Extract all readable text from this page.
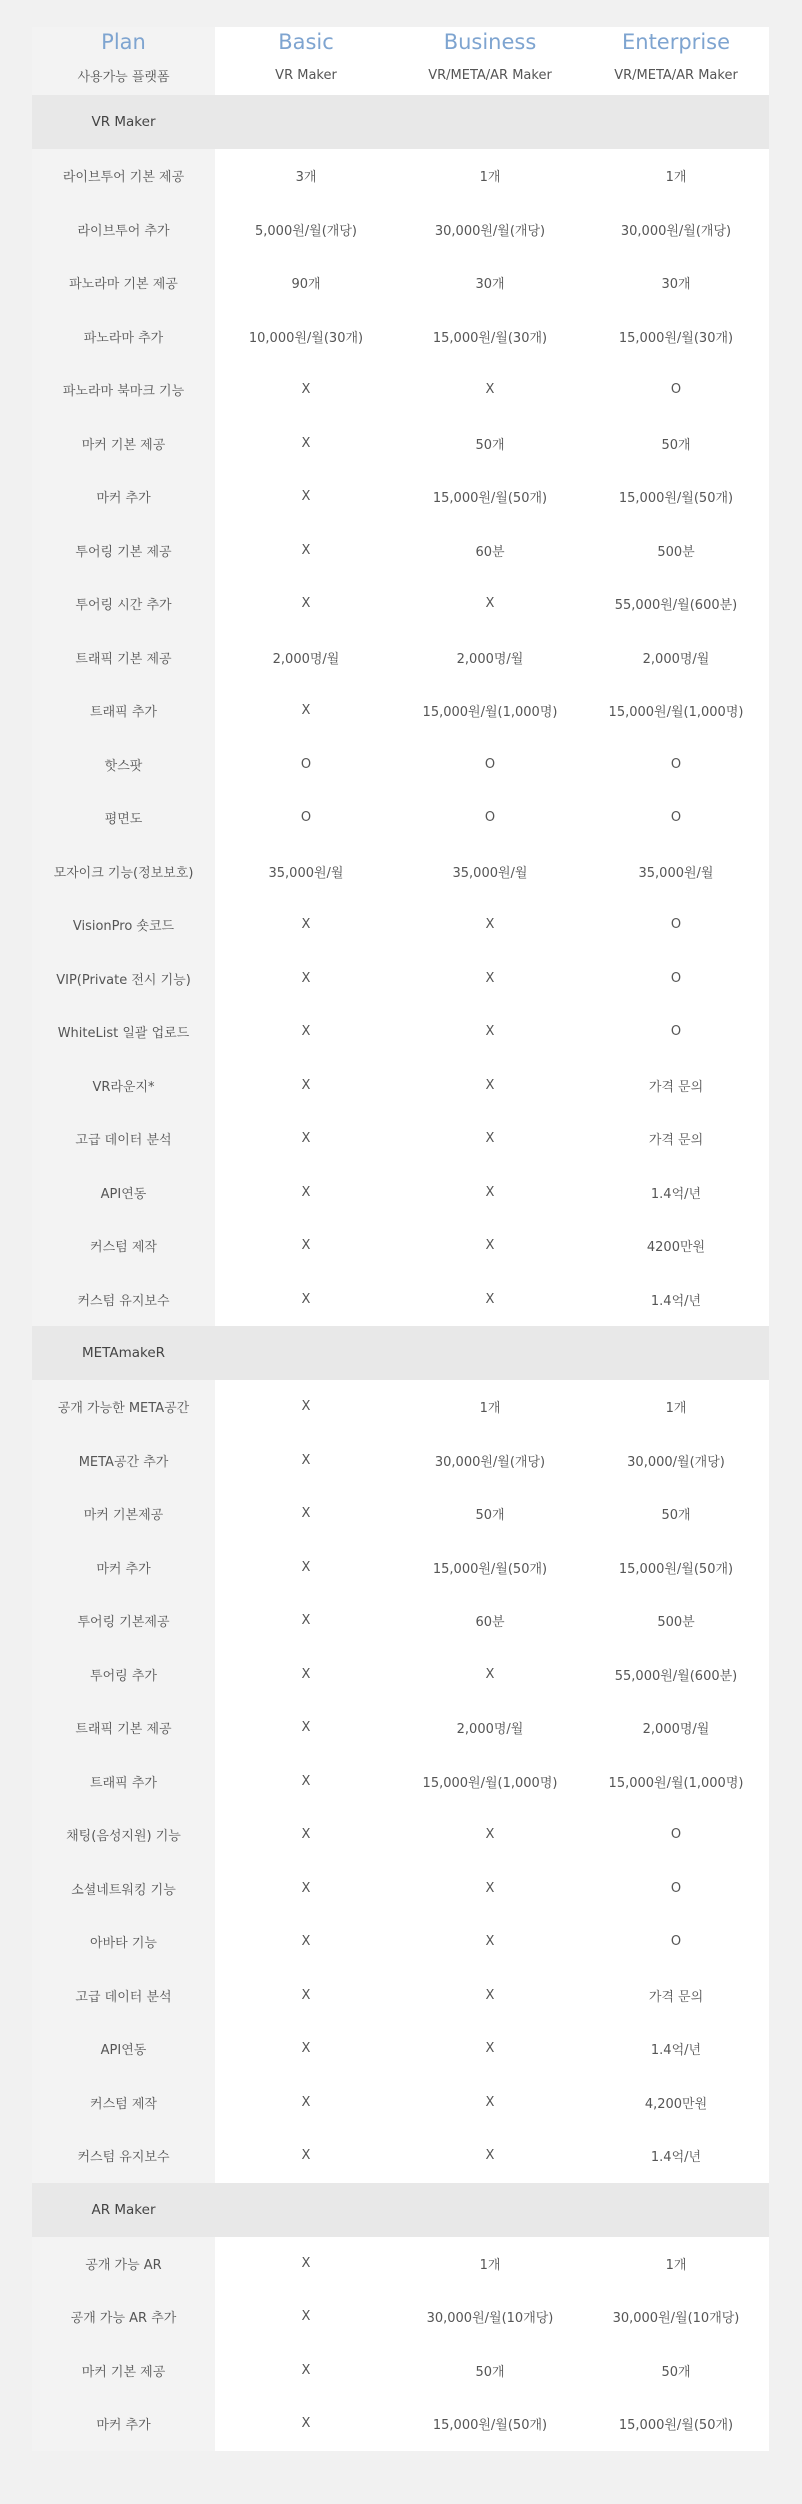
Plan	Basic	Business	Enterprise
사용가능 플랫폼	VR Maker	VR/META/AR Maker	VR/META/AR Maker
VR Maker
라이브투어 기본 제공	3개	1개	1개
라이브투어 추가	5,000원/월(개당)	30,000원/월(개당)	30,000원/월(개당)
파노라마 기본 제공	90개	30개	30개
파노라마 추가	10,000원/월(30개)	15,000원/월(30개)	15,000원/월(30개)
파노라마 북마크 기능	X	X	O
마커 기본 제공	X	50개	50개
마커 추가	X	15,000원/월(50개)	15,000원/월(50개)
투어링 기본 제공	X	60분	500분
투어링 시간 추가	X	X	55,000원/월(600분)
트래픽 기본 제공	2,000명/월	2,000명/월	2,000명/월
트래픽 추가	X	15,000원/월(1,000명)	15,000원/월(1,000명)
핫스팟	O	O	O
평면도	O	O	O
모자이크 기능(정보보호)	35,000원/월	35,000원/월	35,000원/월
VisionPro 숏코드	X	X	O
VIP(Private 전시 기능)	X	X	O
WhiteList 일괄 업로드	X	X	O
VR라운지*	X	X	가격 문의
고급 데이터 분석	X	X	가격 문의
API연동	X	X	1.4억/년
커스텀 제작	X	X	4200만원
커스텀 유지보수	X	X	1.4억/년
METAmakeR
공개 가능한 META공간	X	1개	1개
META공간 추가	X	30,000원/월(개당)	30,000/월(개당)
마커 기본제공	X	50개	50개
마커 추가	X	15,000원/월(50개)	15,000원/월(50개)
투어링 기본제공	X	60분	500분
투어링 추가	X	X	55,000원/월(600분)
트래픽 기본 제공	X	2,000명/월	2,000명/월
트래픽 추가	X	15,000원/월(1,000명)	15,000원/월(1,000명)
채팅(음성지원) 기능	X	X	O
소셜네트워킹 기능	X	X	O
아바타 기능	X	X	O
고급 데이터 분석	X	X	가격 문의
API연동	X	X	1.4억/년
커스텀 제작	X	X	4,200만원
커스텀 유지보수	X	X	1.4억/년
AR Maker
공개 가능 AR	X	1개	1개
공개 가능 AR 추가	X	30,000원/월(10개당)	30,000원/월(10개당)
마커 기본 제공	X	50개	50개
마커 추가	X	15,000원/월(50개)	15,000원/월(50개)
